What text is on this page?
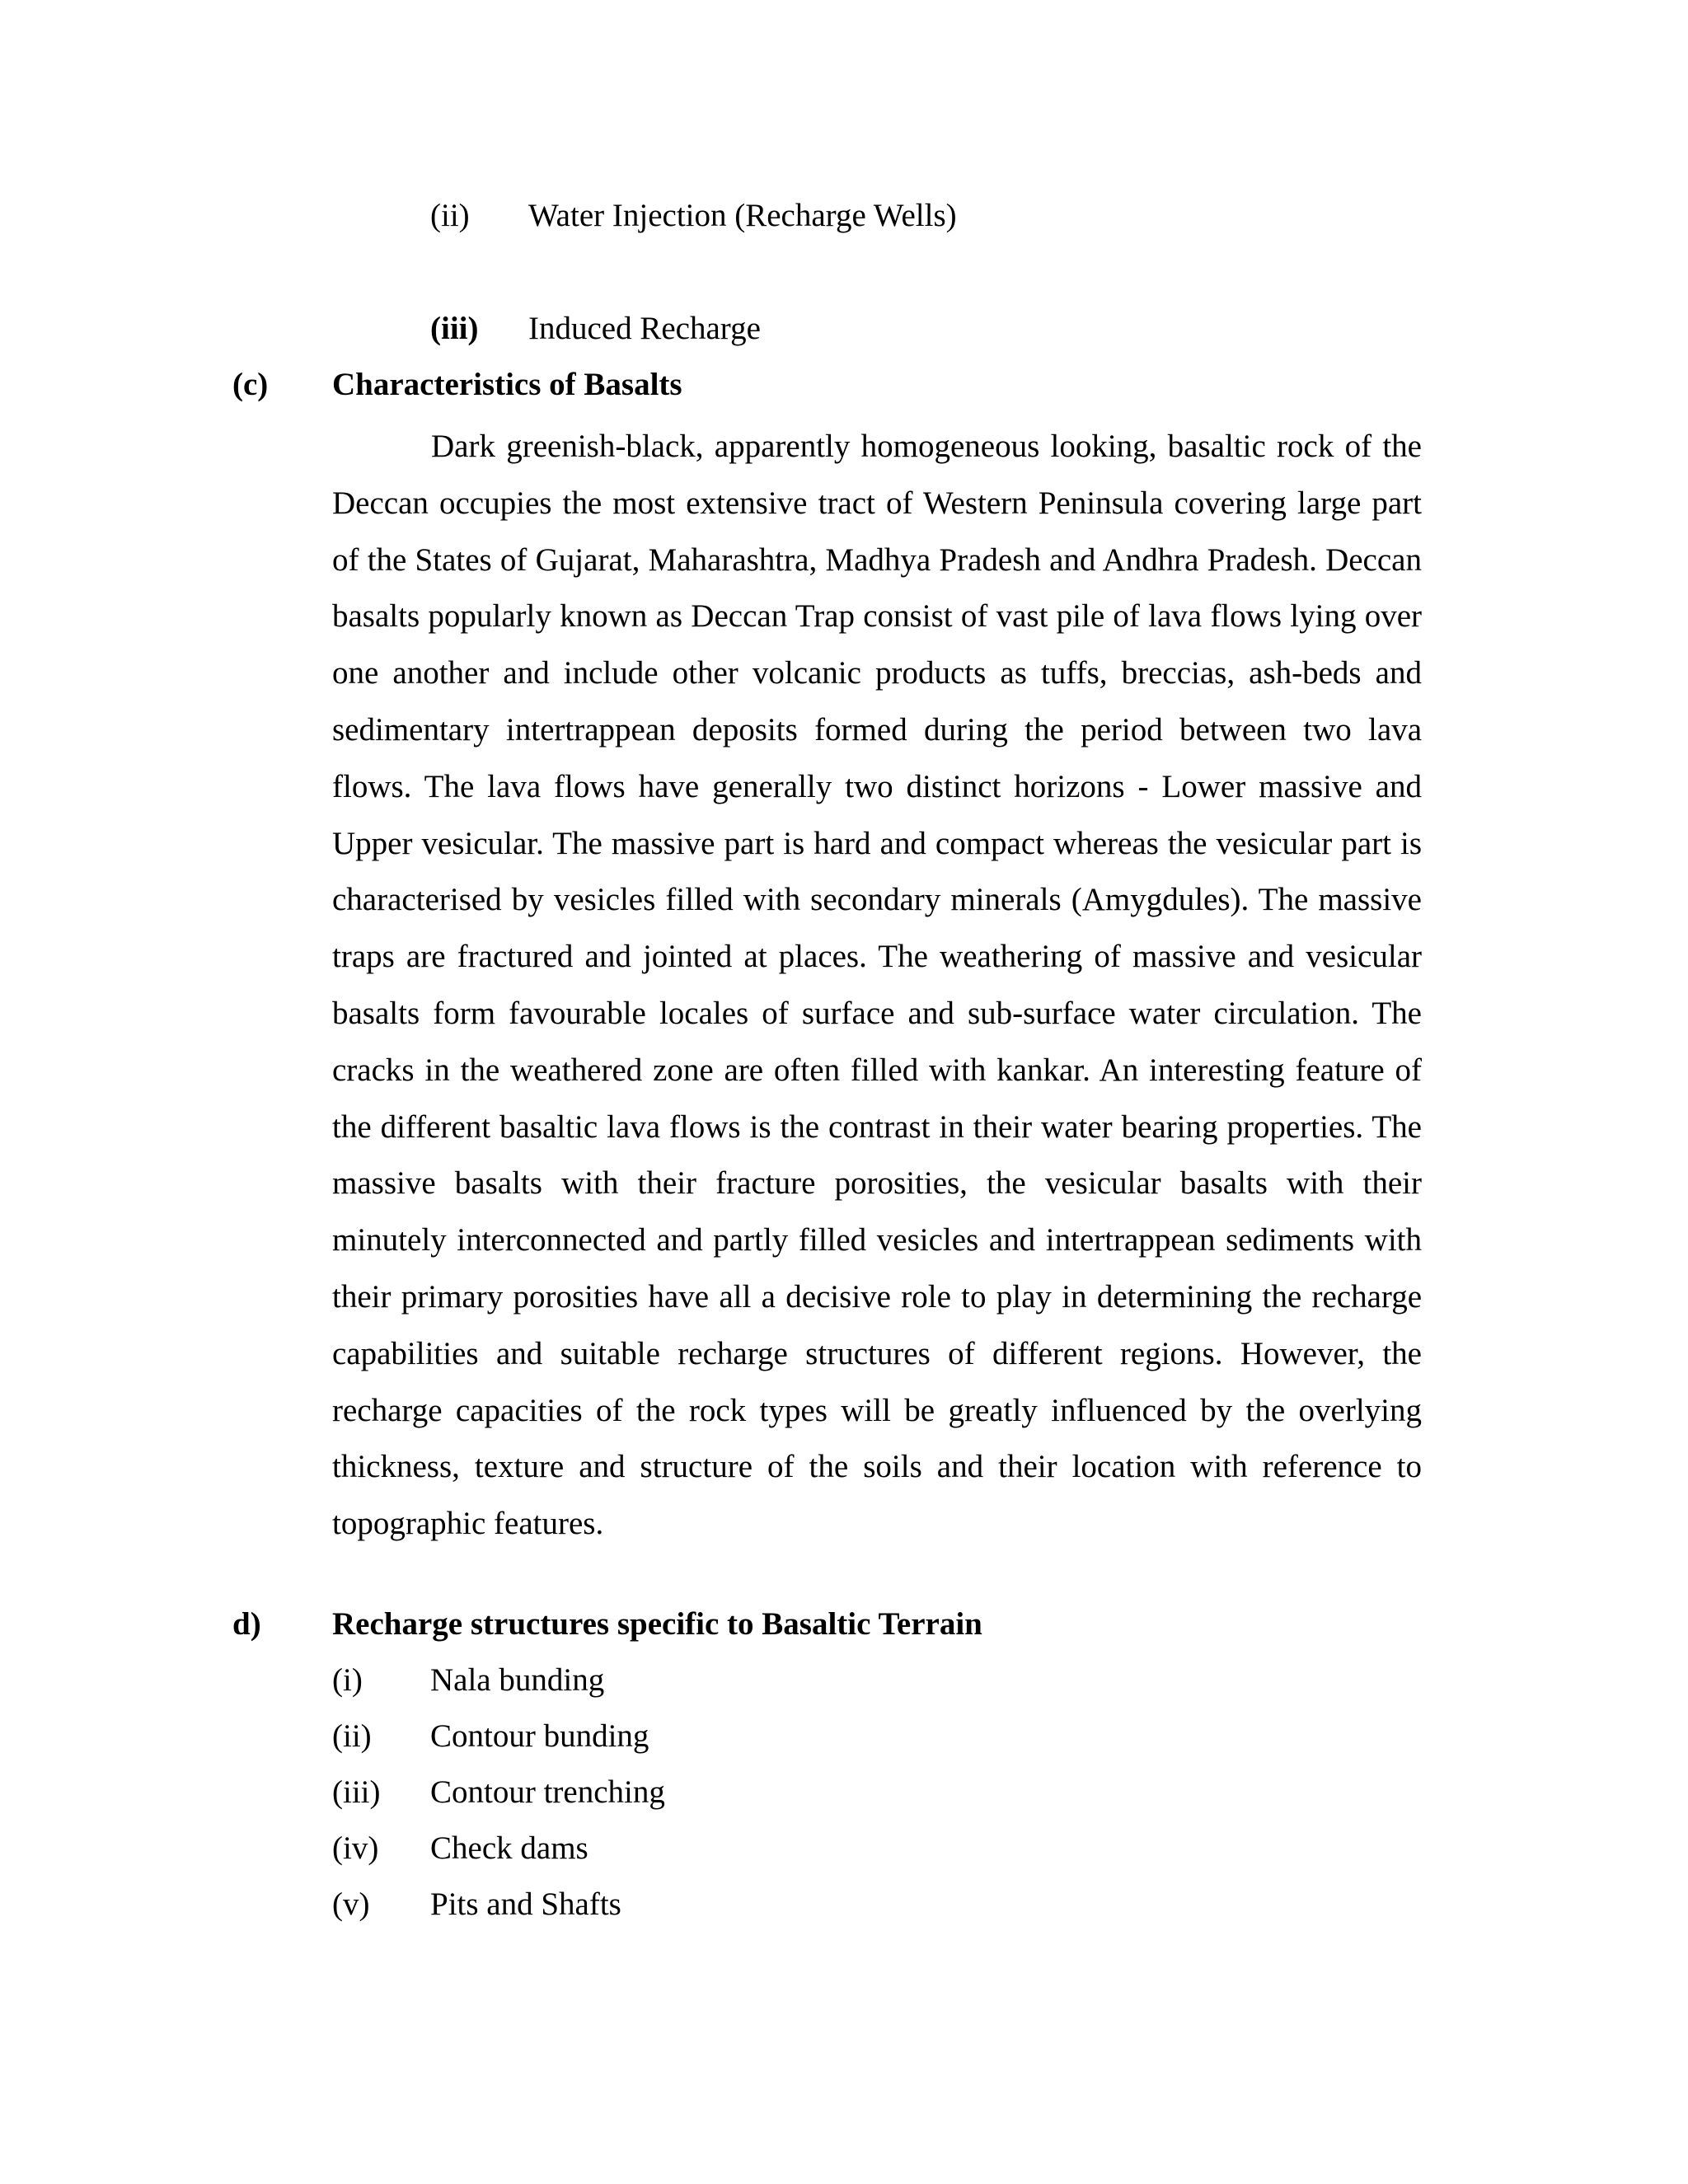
(ii) Water Injection (Recharge Wells)
(iii) Induced Recharge
(c) Characteristics of Basalts

Dark greenish-black, apparently homogeneous looking, basaltic rock of the Deccan occupies the most extensive tract of Western Peninsula covering large part of the States of Gujarat, Maharashtra, Madhya Pradesh and Andhra Pradesh. Deccan basalts popularly known as Deccan Trap consist of vast pile of lava flows lying over one another and include other volcanic products as tuffs, breccias, ash-beds and sedimentary intertrappean deposits formed during the period between two lava flows. The lava flows have generally two distinct horizons - Lower massive and Upper vesicular. The massive part is hard and compact whereas the vesicular part is characterised by vesicles filled with secondary minerals (Amygdules). The massive traps are fractured and jointed at places. The weathering of massive and vesicular basalts form favourable locales of surface and sub-surface water circulation. The cracks in the weathered zone are often filled with kankar. An interesting feature of the different basaltic lava flows is the contrast in their water bearing properties. The massive basalts with their fracture porosities, the vesicular basalts with their minutely interconnected and partly filled vesicles and intertrappean sediments with their primary porosities have all a decisive role to play in determining the recharge capabilities and suitable recharge structures of different regions. However, the recharge capacities of the rock types will be greatly influenced by the overlying thickness, texture and structure of the soils and their location with reference to topographic features.

d) Recharge structures specific to Basaltic Terrain
(i) Nala bunding
(ii) Contour bunding
(iii) Contour trenching
(iv) Check dams
(v) Pits and Shafts
